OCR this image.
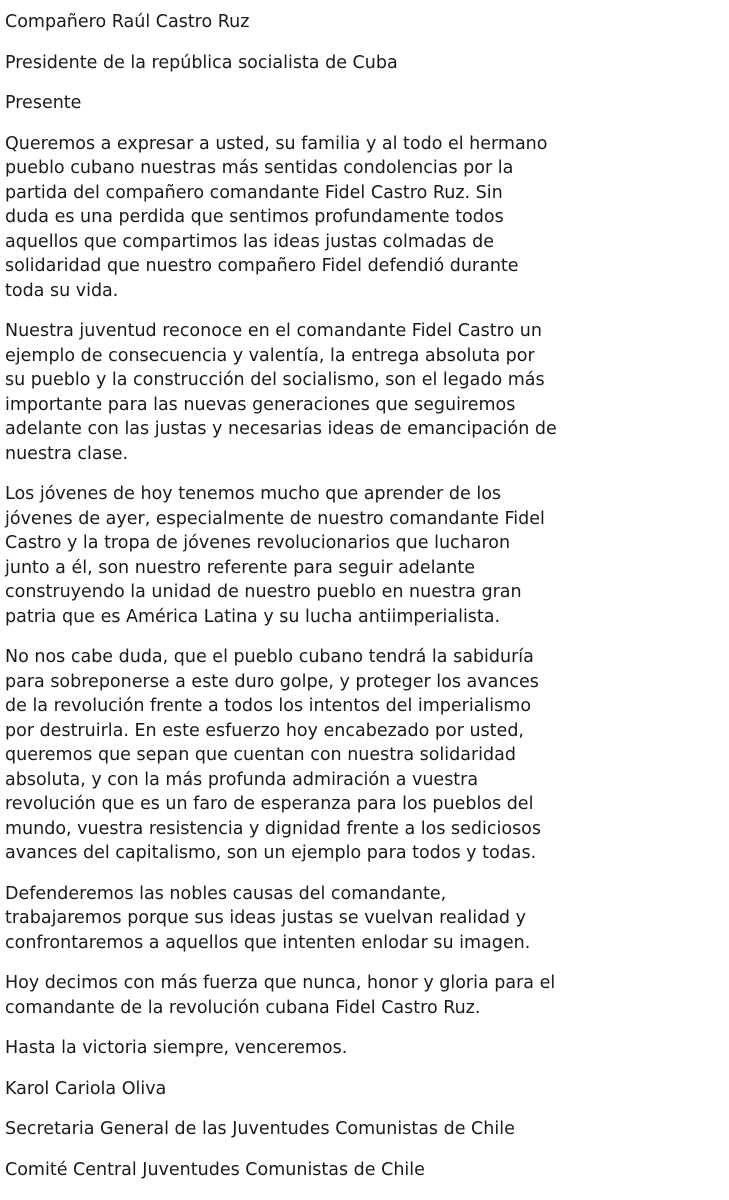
Compañero Raúl Castro Ruz
Presidente de la república socialista de Cuba
Presente
Queremos a expresar a usted, su familia y al todo el hermano
pueblo cubano nuestras más sentidas condolencias por la
partida del compañero comandante Fidel Castro Ruz. Sin
duda es una perdida que sentimos profundamente todos
aquellos que compartimos las ideas justas colmadas de
solidaridad que nuestro compañero Fidel defendió durante
toda su vida.
Nuestra juventud reconoce en el comandante Fidel Castro un
ejemplo de consecuencia y valentía, la entrega absoluta por
su pueblo y la construcción del socialismo, son el legado más
importante para las nuevas generaciones que seguiremos
adelante con las justas y necesarias ideas de emancipación de
nuestra clase.
Los jóvenes de hoy tenemos mucho que aprender de los
jóvenes de ayer, especialmente de nuestro comandante Fidel
Castro y la tropa de jóvenes revolucionarios que lucharon
junto a él, son nuestro referente para seguir adelante
construyendo la unidad de nuestro pueblo en nuestra gran
patria que es América Latina y su lucha antiimperialista.
No nos cabe duda, que el pueblo cubano tendrá la sabiduría
para sobreponerse a este duro golpe, y proteger los avances
de la revolución frente a todos los intentos del imperialismo
por destruirla. En este esfuerzo hoy encabezado por usted,
queremos que sepan que cuentan con nuestra solidaridad
absoluta, y con la más profunda admiración a vuestra
revolución que es un faro de esperanza para los pueblos del
mundo, vuestra resistencia y dignidad frente a los sediciosos
avances del capitalismo, son un ejemplo para todos y todas.
Defenderemos las nobles causas del comandante,
trabajaremos porque sus ideas justas se vuelvan realidad y
confrontaremos a aquellos que intenten enlodar su imagen.
Hoy decimos con más fuerza que nunca, honor y gloria para el
comandante de la revolución cubana Fidel Castro Ruz.
Hasta la victoria siempre, venceremos.
Karol Cariola Oliva
Secretaria General de las Juventudes Comunistas de Chile
Comité Central Juventudes Comunistas de Chile
